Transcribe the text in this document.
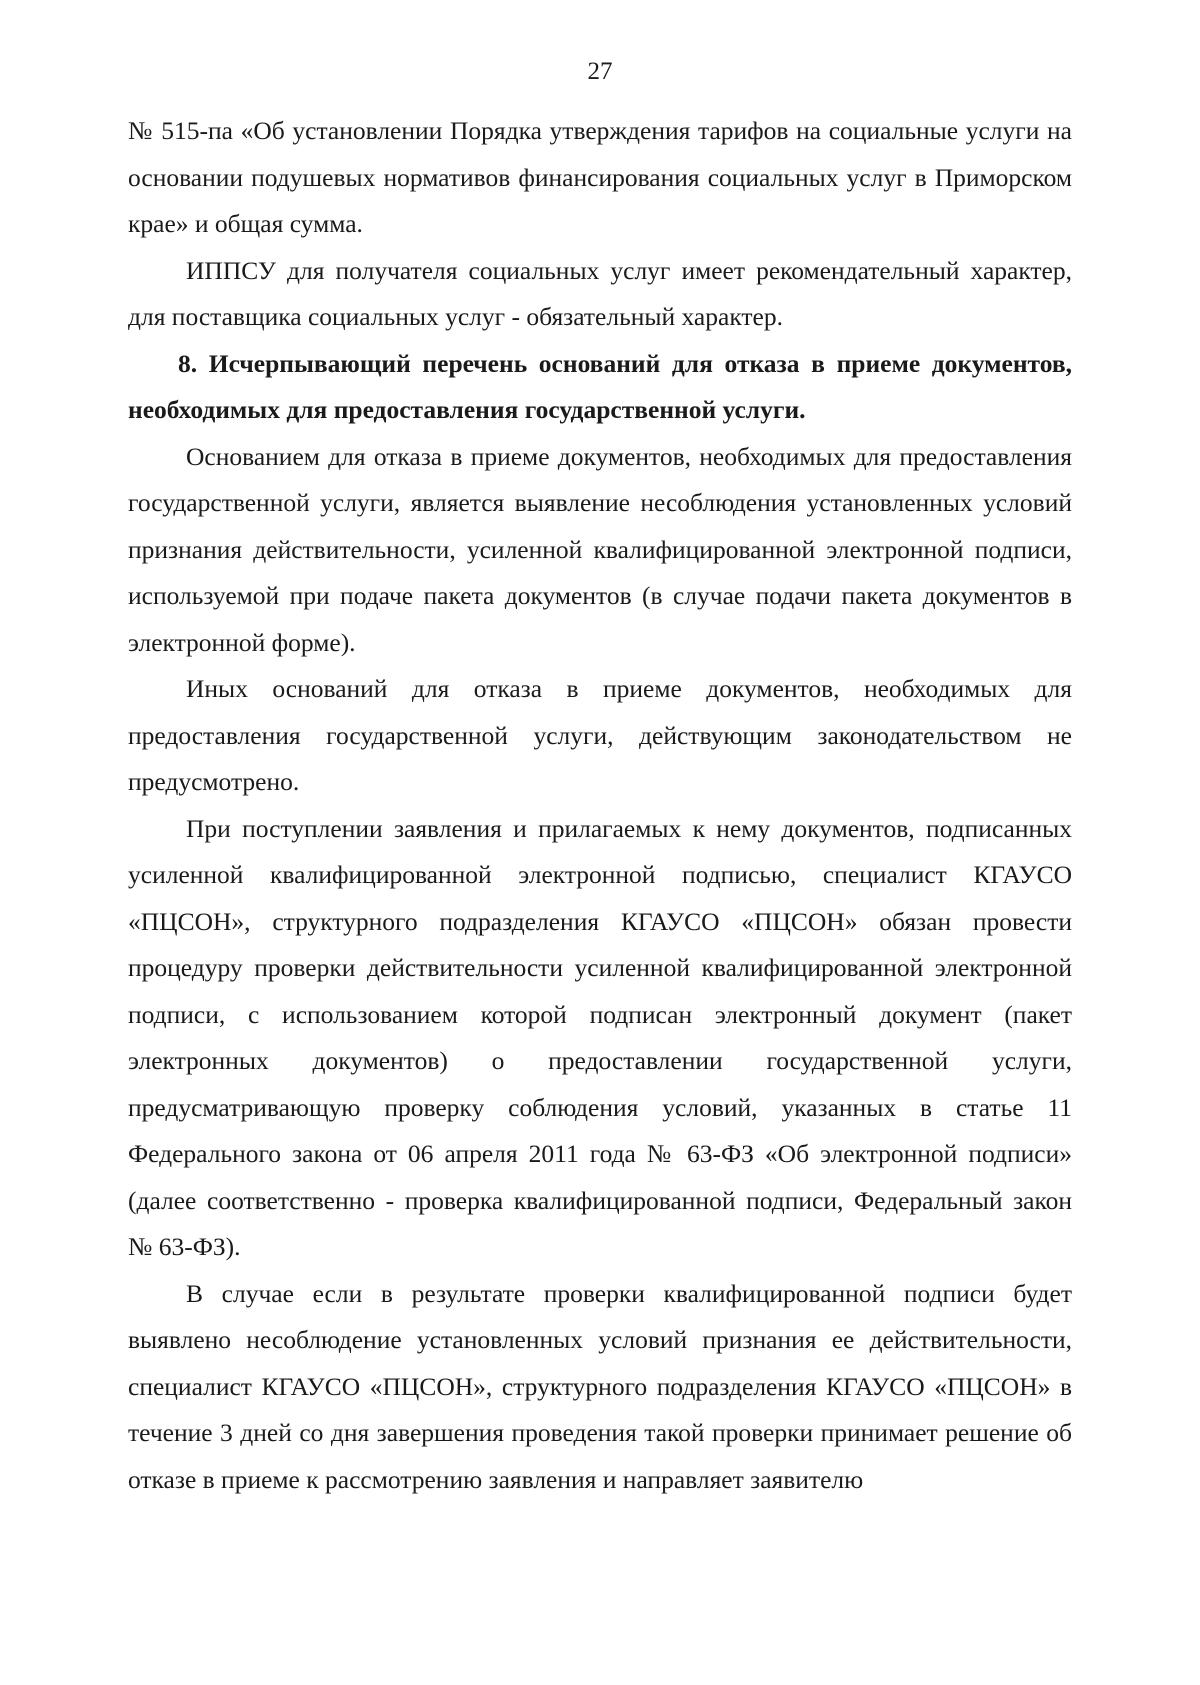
27

№ 515-па «Об установлении Порядка утверждения тарифов на социальные услуги на основании подушевых нормативов финансирования социальных услуг в Приморском крае» и общая сумма.

ИППСУ для получателя социальных услуг имеет рекомендательный характер, для поставщика социальных услуг - обязательный характер.

8. Исчерпывающий перечень оснований для отказа в приеме документов, необходимых для предоставления государственной услуги.

Основанием для отказа в приеме документов, необходимых для предоставления государственной услуги, является выявление несоблюдения установленных условий признания действительности, усиленной квалифицированной электронной подписи, используемой при подаче пакета документов (в случае подачи пакета документов в электронной форме).

Иных оснований для отказа в приеме документов, необходимых для предоставления государственной услуги, действующим законодательством не предусмотрено.

При поступлении заявления и прилагаемых к нему документов, подписанных усиленной квалифицированной электронной подписью, специалист КГАУСО «ПЦСОН», структурного подразделения КГАУСО «ПЦСОН» обязан провести процедуру проверки действительности усиленной квалифицированной электронной подписи, с использованием которой подписан электронный документ (пакет электронных документов) о предоставлении государственной услуги, предусматривающую проверку соблюдения условий, указанных в статье 11 Федерального закона от 06 апреля 2011 года № 63-ФЗ «Об электронной подписи» (далее соответственно - проверка квалифицированной подписи, Федеральный закон № 63-ФЗ).

В случае если в результате проверки квалифицированной подписи будет выявлено несоблюдение установленных условий признания ее действительности, специалист КГАУСО «ПЦСОН», структурного подразделения КГАУСО «ПЦСОН» в течение 3 дней со дня завершения проведения такой проверки принимает решение об отказе в приеме к рассмотрению заявления и направляет заявителю
